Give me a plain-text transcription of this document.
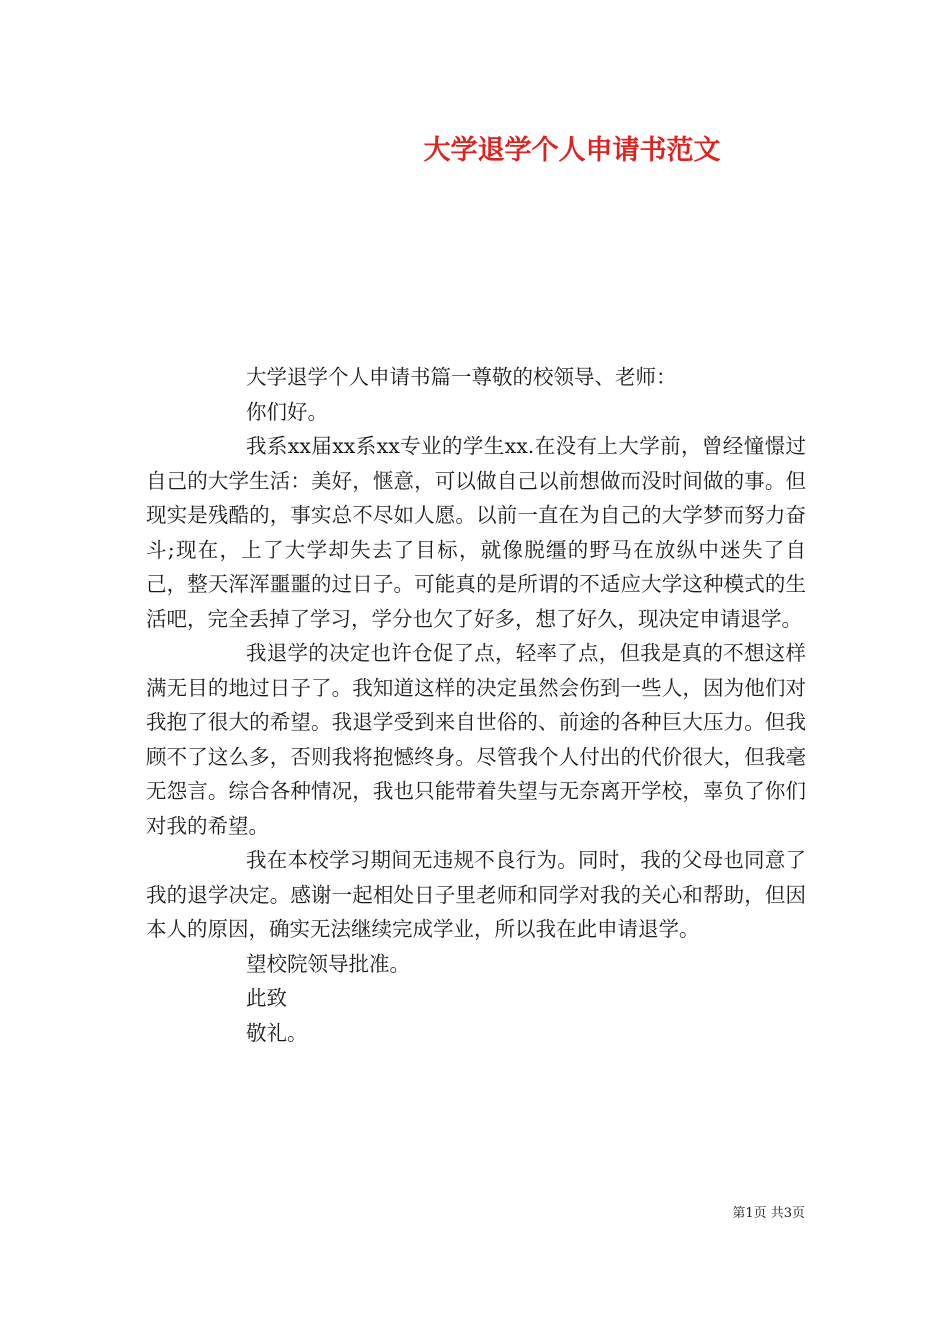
大学退学个人申请书范文

大学退学个人申请书篇一尊敬的校领导、老师：

你们好。

我系xx届xx系xx专业的学生xx.在没有上大学前，曾经憧憬过自己的大学生活：美好，惬意，可以做自己以前想做而没时间做的事。但现实是残酷的，事实总不尽如人愿。以前一直在为自己的大学梦而努力奋斗;现在，上了大学却失去了目标，就像脱缰的野马在放纵中迷失了自己，整天浑浑噩噩的过日子。可能真的是所谓的不适应大学这种模式的生活吧，完全丢掉了学习，学分也欠了好多，想了好久，现决定申请退学。

我退学的决定也许仓促了点，轻率了点，但我是真的不想这样满无目的地过日子了。我知道这样的决定虽然会伤到一些人，因为他们对我抱了很大的希望。我退学受到来自世俗的、前途的各种巨大压力。但我顾不了这么多，否则我将抱憾终身。尽管我个人付出的代价很大，但我毫无怨言。综合各种情况，我也只能带着失望与无奈离开学校，辜负了你们对我的希望。

我在本校学习期间无违规不良行为。同时，我的父母也同意了我的退学决定。感谢一起相处日子里老师和同学对我的关心和帮助，但因本人的原因，确实无法继续完成学业，所以我在此申请退学。

望校院领导批准。

此致

敬礼。

第1页 共3页
